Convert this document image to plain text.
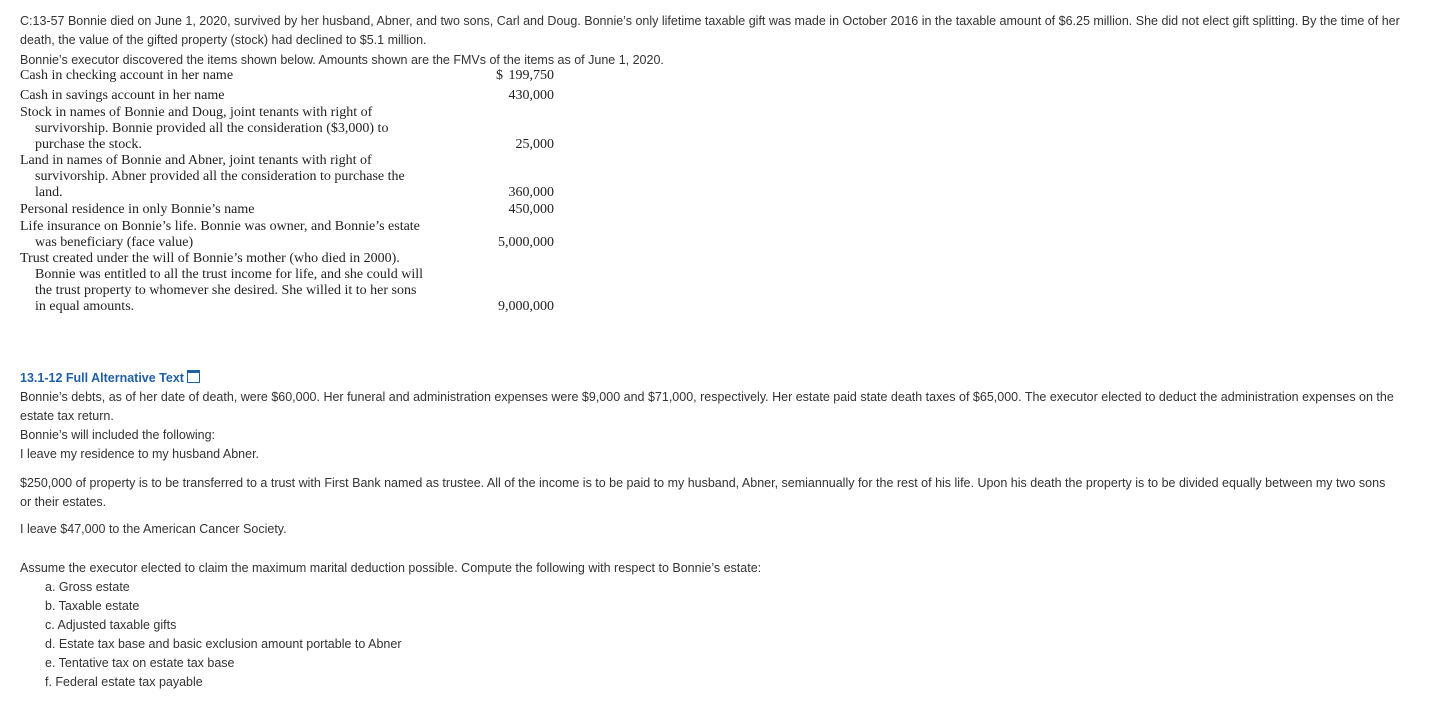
C:13-57 Bonnie died on June 1, 2020, survived by her husband, Abner, and two sons, Carl and Doug. Bonnie’s only lifetime taxable gift was made in October 2016 in the taxable amount of $6.25 million. She did not elect gift splitting. By the time of her death, the value of the gifted property (stock) had declined to $5.1 million.
Bonnie’s executor discovered the items shown below. Amounts shown are the FMVs of the items as of June 1, 2020.
Cash in checking account in her name	$ 199,750
Cash in savings account in her name	430,000
Stock in names of Bonnie and Doug, joint tenants with right of
survivorship. Bonnie provided all the consideration ($3,000) to
purchase the stock.	25,000
Land in names of Bonnie and Abner, joint tenants with right of
survivorship. Abner provided all the consideration to purchase the
land.	360,000
Personal residence in only Bonnie’s name	450,000
Life insurance on Bonnie’s life. Bonnie was owner, and Bonnie’s estate
was beneficiary (face value)	5,000,000
Trust created under the will of Bonnie’s mother (who died in 2000).
Bonnie was entitled to all the trust income for life, and she could will
the trust property to whomever she desired. She willed it to her sons
in equal amounts.	9,000,000
13.1-12 Full Alternative Text
Bonnie’s debts, as of her date of death, were $60,000. Her funeral and administration expenses were $9,000 and $71,000, respectively. Her estate paid state death taxes of $65,000. The executor elected to deduct the administration expenses on the estate tax return.
Bonnie’s will included the following:
I leave my residence to my husband Abner.
$250,000 of property is to be transferred to a trust with First Bank named as trustee. All of the income is to be paid to my husband, Abner, semiannually for the rest of his life. Upon his death the property is to be divided equally between my two sons or their estates.
I leave $47,000 to the American Cancer Society.
Assume the executor elected to claim the maximum marital deduction possible. Compute the following with respect to Bonnie’s estate:
a. Gross estate
b. Taxable estate
c. Adjusted taxable gifts
d. Estate tax base and basic exclusion amount portable to Abner
e. Tentative tax on estate tax base
f. Federal estate tax payable
